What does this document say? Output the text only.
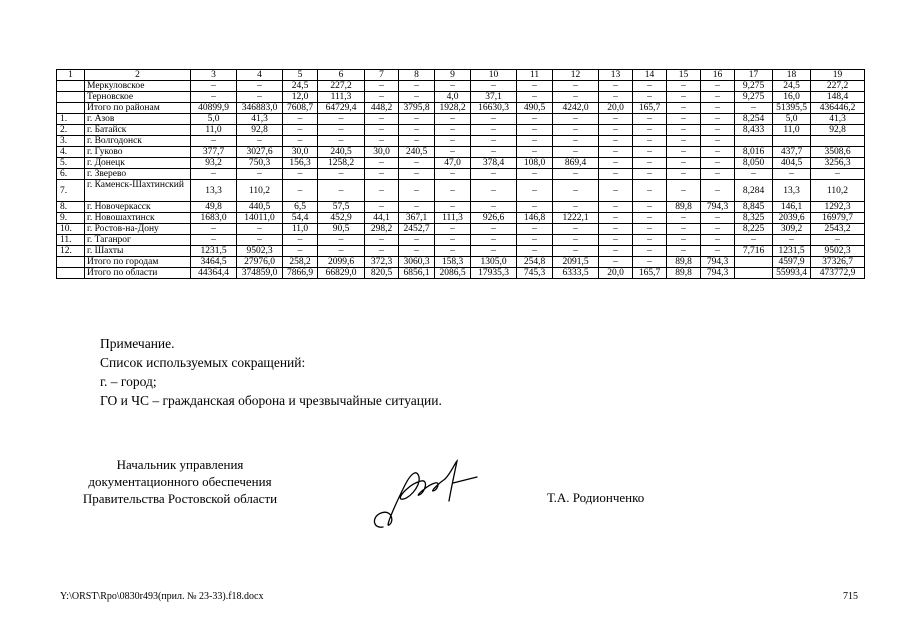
1	2	3	4	5	6	7	8	9	10	11	12	13	14	15	16	17	18	19
	Меркуловское	–	–	24,5	227,2	–	–	–	–	–	–	–	–	–	–	9,275	24,5	227,2
	Терновское	–	–	12,0	111,3	–	–	4,0	37,1	–	–	–	–	–	–	9,275	16,0	148,4
	Итого по районам	40899,9	346883,0	7608,7	64729,4	448,2	3795,8	1928,2	16630,3	490,5	4242,0	20,0	165,7	–	–	–	51395,5	436446,2
1.	г. Азов	5,0	41,3	–	–	–	–	–	–	–	–	–	–	–	–	8,254	5,0	41,3
2.	г. Батайск	11,0	92,8	–	–	–	–	–	–	–	–	–	–	–	–	8,433	11,0	92,8
3.	г. Волгодонск	–	–	–	–	–	–	–	–	–	–	–	–	–	–			
4.	г. Гуково	377,7	3027,6	30,0	240,5	30,0	240,5	–	–	–	–	–	–	–	–	8,016	437,7	3508,6
5.	г. Донецк	93,2	750,3	156,3	1258,2	–	–	47,0	378,4	108,0	869,4	–	–	–	–	8,050	404,5	3256,3
6.	г. Зверево	–	–	–	–	–	–	–	–	–	–	–	–	–	–	–	–	–
7.	г. Каменск-Шахтинский	13,3	110,2	–	–	–	–	–	–	–	–	–	–	–	–	8,284	13,3	110,2
8.	г. Новочеркасск	49,8	440,5	6,5	57,5	–	–	–	–	–	–	–	–	89,8	794,3	8,845	146,1	1292,3
9.	г. Новошахтинск	1683,0	14011,0	54,4	452,9	44,1	367,1	111,3	926,6	146,8	1222,1	–	–	–	–	8,325	2039,6	16979,7
10.	г. Ростов-на-Дону	–	–	11,0	90,5	298,2	2452,7	–	–	–	–	–	–	–	–	8,225	309,2	2543,2
11.	г. Таганрог	–	–	–	–	–	–	–	–	–	–	–	–	–	–	–	–	–
12.	г. Шахты	1231,5	9502,3	–	–	–	–	–	–	–	–	–	–	–	–	7,716	1231,5	9502,3
	Итого по городам	3464,5	27976,0	258,2	2099,6	372,3	3060,3	158,3	1305,0	254,8	2091,5	–	–	89,8	794,3		4597,9	37326,7
	Итого по области	44364,4	374859,0	7866,9	66829,0	820,5	6856,1	2086,5	17935,3	745,3	6333,5	20,0	165,7	89,8	794,3		55993,4	473772,9

Примечание.

Список используемых сокращений:

г. – город;

ГО и ЧС – гражданская оборона и чрезвычайные ситуации.

Начальник управления

документационного обеспечения

Правительства Ростовской области	Т.А. Родионченко
Y:\ORST\Rpo\0830r493(прил. № 23-33).f18.docx	715
